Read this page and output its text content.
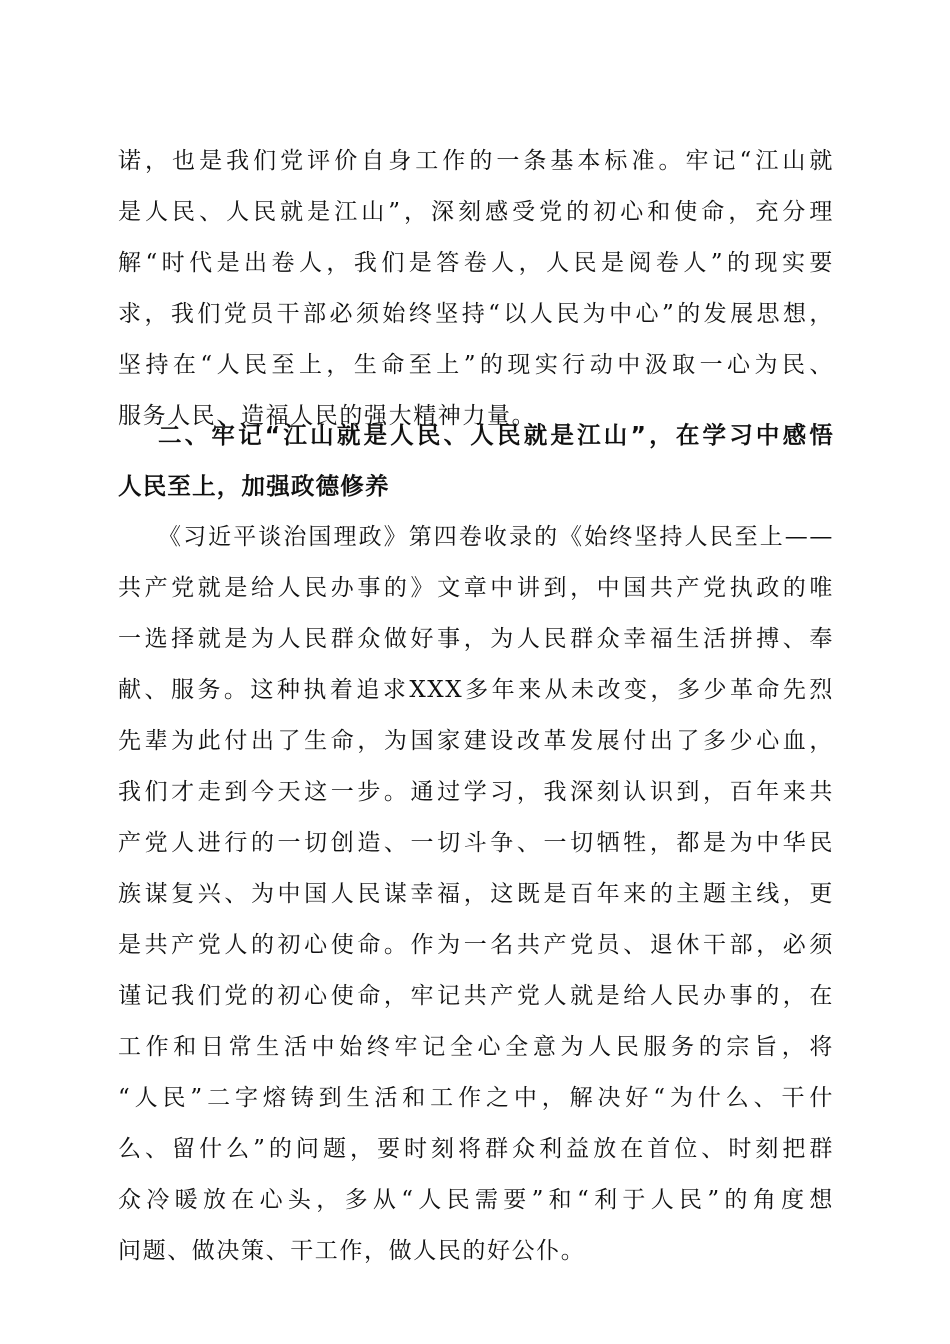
诺，也是我们党评价自身工作的一条基本标准。牢记“江山就
是人民、人民就是江山”，深刻感受党的初心和使命，充分理
解“时代是出卷人，我们是答卷人，人民是阅卷人”的现实要
求，我们党员干部必须始终坚持“以人民为中心”的发展思想，
坚持在“人民至上，生命至上”的现实行动中汲取一心为民、
服务人民、造福人民的强大精神力量。
二、牢记“江山就是人民、人民就是江山”，在学习中感悟
人民至上，加强政德修养
《习近平谈治国理政》第四卷收录的《始终坚持人民至上——
共产党就是给人民办事的》文章中讲到，中国共产党执政的唯
一选择就是为人民群众做好事，为人民群众幸福生活拼搏、奉
献、服务。这种执着追求XXX多年来从未改变，多少革命先烈
先辈为此付出了生命，为国家建设改革发展付出了多少心血，
我们才走到今天这一步。通过学习，我深刻认识到，百年来共
产党人进行的一切创造、一切斗争、一切牺牲，都是为中华民
族谋复兴、为中国人民谋幸福，这既是百年来的主题主线，更
是共产党人的初心使命。作为一名共产党员、退休干部，必须
谨记我们党的初心使命，牢记共产党人就是给人民办事的，在
工作和日常生活中始终牢记全心全意为人民服务的宗旨，将
“人民”二字熔铸到生活和工作之中，解决好“为什么、干什
么、留什么”的问题，要时刻将群众利益放在首位、时刻把群
众冷暖放在心头，多从“人民需要”和“利于人民”的角度想
问题、做决策、干工作，做人民的好公仆。
